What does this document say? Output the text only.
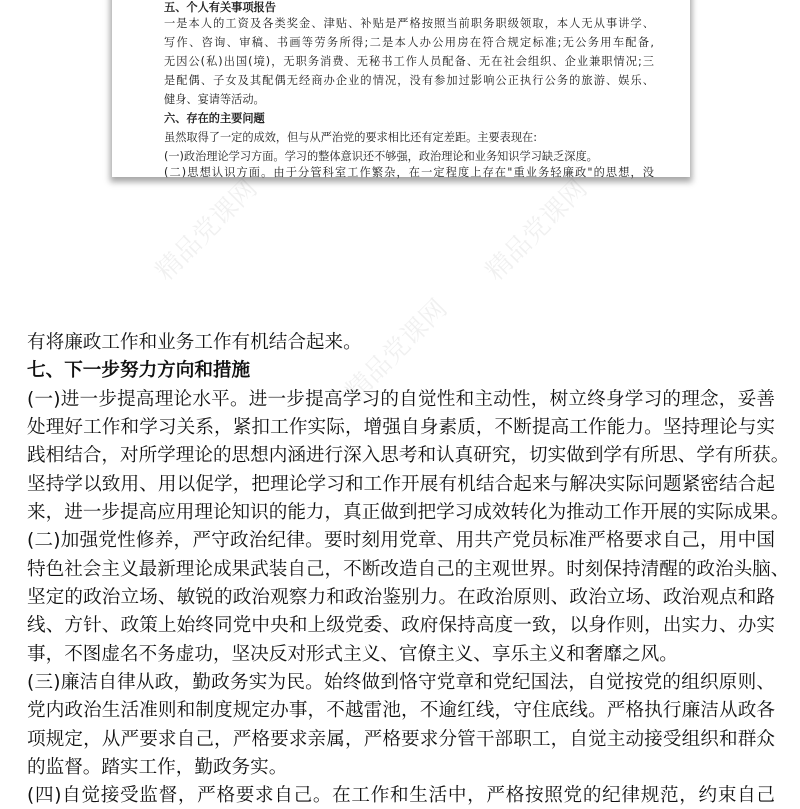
精品党课网	精品党课网
精品党课网
五、个人有关事项报告
一是本人的工资及各类奖金、津贴、补贴是严格按照当前职务职级领取，本人无从事讲学、
写作、咨询、审稿、书画等劳务所得;二是本人办公用房在符合规定标准;无公务用车配备,
无因公(私)出国(境)，无职务消费、无秘书工作人员配备、无在社会组织、企业兼职情况;三
是配偶、子女及其配偶无经商办企业的情况，没有参加过影响公正执行公务的旅游、娱乐、
健身、宴请等活动。
六、存在的主要问题
虽然取得了一定的成效，但与从严治党的要求相比还有定差距。主要表现在:
(一)政治理论学习方面。学习的整体意识还不够强，政治理论和业务知识学习缺乏深度。
(二)思想认识方面。由于分管科室工作繁杂，在一定程度上存在"重业务轻廉政"的思想，没
有将廉政工作和业务工作有机结合起来。
七、下一步努力方向和措施
(一)进一步提高理论水平。进一步提高学习的自觉性和主动性，树立终身学习的理念，妥善
处理好工作和学习关系，紧扣工作实际，增强自身素质，不断提高工作能力。坚持理论与实
践相结合，对所学理论的思想内涵进行深入思考和认真研究，切实做到学有所思、学有所获。
坚持学以致用、用以促学，把理论学习和工作开展有机结合起来与解决实际问题紧密结合起
来，进一步提高应用理论知识的能力，真正做到把学习成效转化为推动工作开展的实际成果。
(二)加强党性修养，严守政治纪律。要时刻用党章、用共产党员标准严格要求自己，用中国
特色社会主义最新理论成果武装自己，不断改造自己的主观世界。时刻保持清醒的政治头脑、
坚定的政治立场、敏锐的政治观察力和政治鉴别力。在政治原则、政治立场、政治观点和路
线、方针、政策上始终同党中央和上级党委、政府保持高度一致，以身作则，出实力、办实
事，不图虚名不务虚功，坚决反对形式主义、官僚主义、享乐主义和奢靡之风。
(三)廉洁自律从政，勤政务实为民。始终做到恪守党章和党纪国法，自觉按党的组织原则、
党内政治生活准则和制度规定办事，不越雷池，不逾红线，守住底线。严格执行廉洁从政各
项规定，从严要求自己，严格要求亲属，严格要求分管干部职工，自觉主动接受组织和群众
的监督。踏实工作，勤政务实。
(四)自觉接受监督，严格要求自己。在工作和生活中，严格按照党的纪律规范，约束自己
